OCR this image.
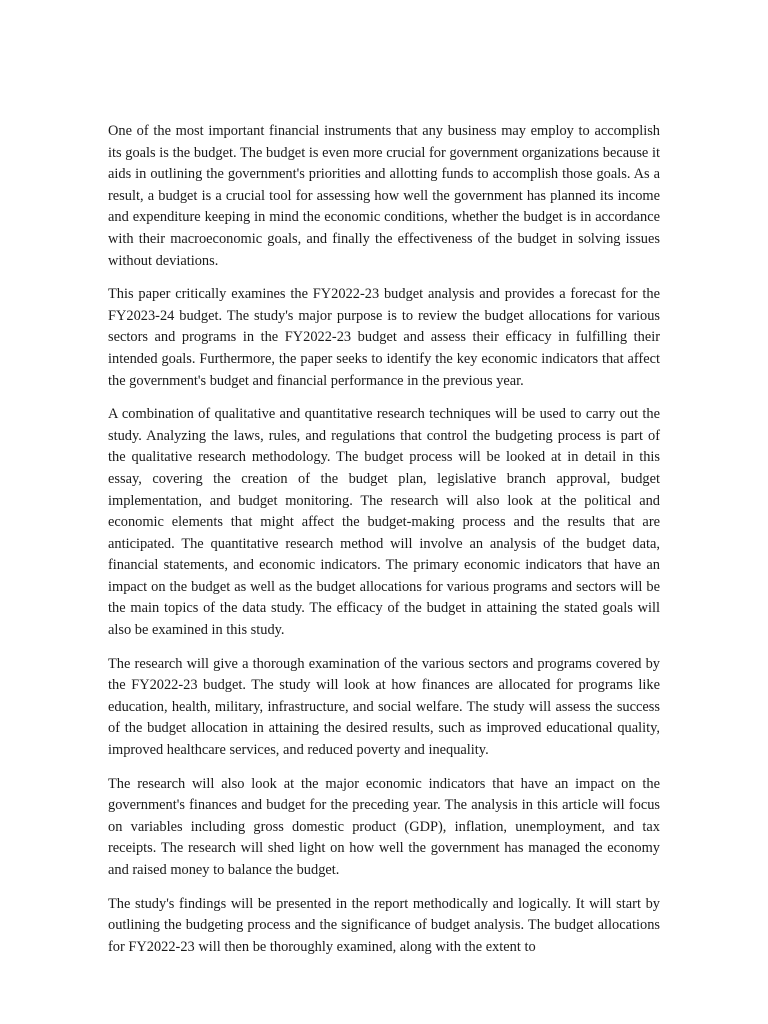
One of the most important financial instruments that any business may employ to accomplish its goals is the budget. The budget is even more crucial for government organizations because it aids in outlining the government's priorities and allotting funds to accomplish those goals. As a result, a budget is a crucial tool for assessing how well the government has planned its income and expenditure keeping in mind the economic conditions, whether the budget is in accordance with their macroeconomic goals, and finally the effectiveness of the budget in solving issues without deviations.

This paper critically examines the FY2022-23 budget analysis and provides a forecast for the FY2023-24 budget. The study's major purpose is to review the budget allocations for various sectors and programs in the FY2022-23 budget and assess their efficacy in fulfilling their intended goals. Furthermore, the paper seeks to identify the key economic indicators that affect the government's budget and financial performance in the previous year.

A combination of qualitative and quantitative research techniques will be used to carry out the study. Analyzing the laws, rules, and regulations that control the budgeting process is part of the qualitative research methodology. The budget process will be looked at in detail in this essay, covering the creation of the budget plan, legislative branch approval, budget implementation, and budget monitoring. The research will also look at the political and economic elements that might affect the budget-making process and the results that are anticipated. The quantitative research method will involve an analysis of the budget data, financial statements, and economic indicators. The primary economic indicators that have an impact on the budget as well as the budget allocations for various programs and sectors will be the main topics of the data study. The efficacy of the budget in attaining the stated goals will also be examined in this study.

The research will give a thorough examination of the various sectors and programs covered by the FY2022-23 budget. The study will look at how finances are allocated for programs like education, health, military, infrastructure, and social welfare. The study will assess the success of the budget allocation in attaining the desired results, such as improved educational quality, improved healthcare services, and reduced poverty and inequality.

The research will also look at the major economic indicators that have an impact on the government's finances and budget for the preceding year. The analysis in this article will focus on variables including gross domestic product (GDP), inflation, unemployment, and tax receipts. The research will shed light on how well the government has managed the economy and raised money to balance the budget.

The study's findings will be presented in the report methodically and logically. It will start by outlining the budgeting process and the significance of budget analysis. The budget allocations for FY2022-23 will then be thoroughly examined, along with the extent to
